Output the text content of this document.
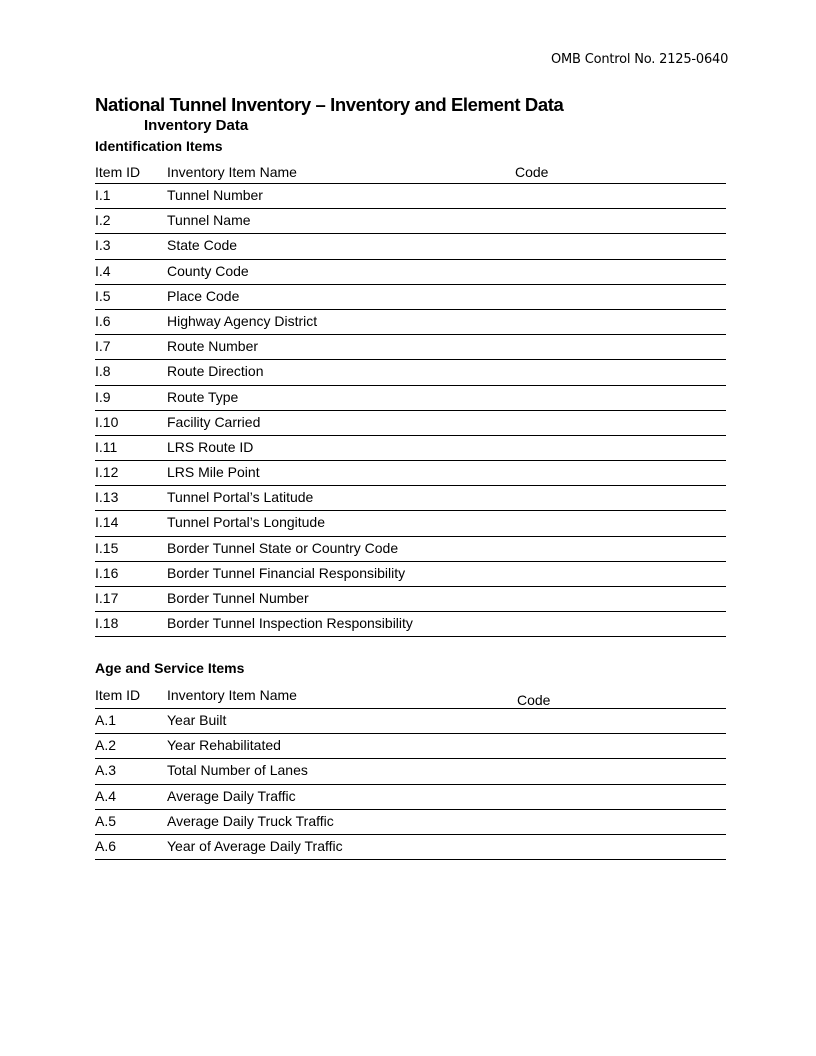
OMB Control No. 2125-0640
National Tunnel Inventory – Inventory and Element Data
Inventory Data
Identification Items
Item ID Inventory Item Name	Code
I.1	Tunnel Number
I.2	Tunnel Name
I.3	State Code
I.4	County Code
I.5	Place Code
I.6	Highway Agency District
I.7	Route Number
I.8	Route Direction
I.9	Route Type
I.10	Facility Carried
I.11	LRS Route ID
I.12	LRS Mile Point
I.13	Tunnel Portal’s Latitude
I.14	Tunnel Portal’s Longitude
I.15	Border Tunnel State or Country Code
I.16	Border Tunnel Financial Responsibility
I.17	Border Tunnel Number
I.18	Border Tunnel Inspection Responsibility
Age and Service Items
Item ID Inventory Item Name	Code
A.1	Year Built
A.2	Year Rehabilitated
A.3	Total Number of Lanes
A.4	Average Daily Traffic
A.5	Average Daily Truck Traffic
A.6	Year of Average Daily Traffic
